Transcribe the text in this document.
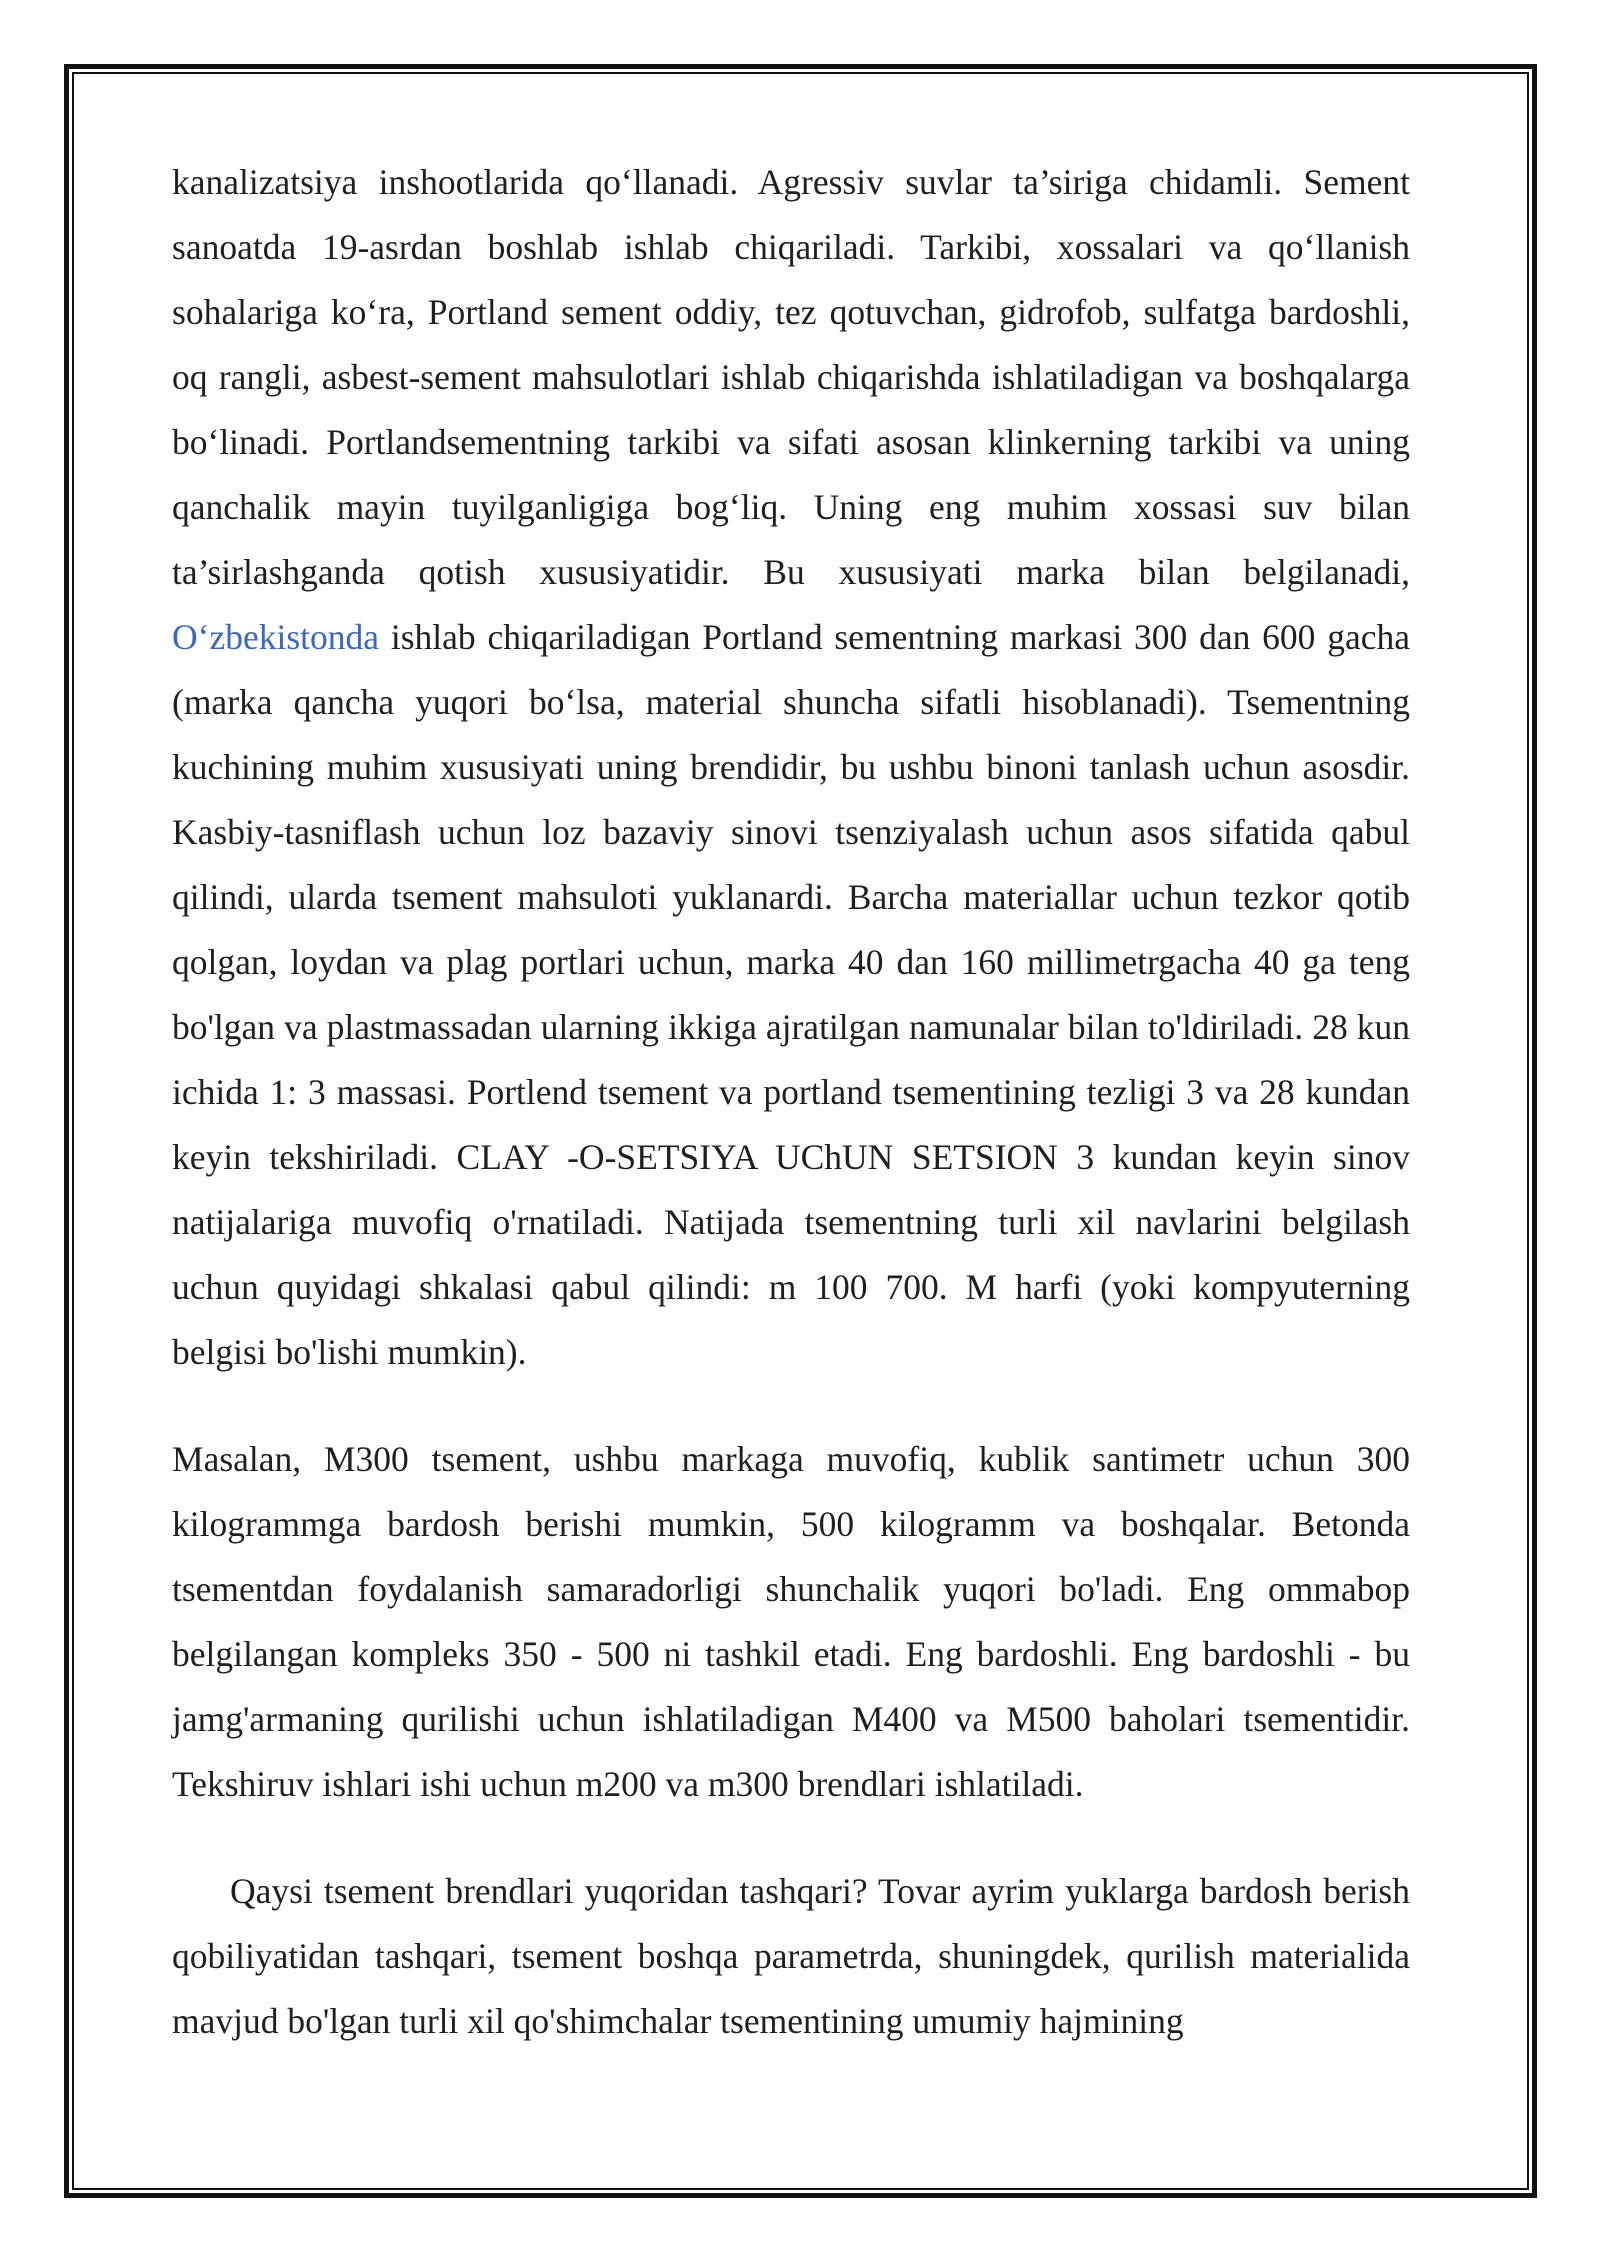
kanalizatsiya inshootlarida qo‘llanadi. Agressiv suvlar ta’siriga chidamli. Sement sanoatda 19-asrdan boshlab ishlab chiqariladi. Tarkibi, xossalari va qo‘llanish sohalariga ko‘ra, Portland sement oddiy, tez qotuvchan, gidrofob, sulfatga bardoshli, oq rangli, asbest-sement mahsulotlari ishlab chiqarishda ishlatiladigan va boshqalarga bo‘linadi. Portlandsementning tarkibi va sifati asosan klinkerning tarkibi va uning qanchalik mayin tuyilganligiga bog‘liq. Uning eng muhim xossasi suv bilan ta’sirlashganda qotish xususiyatidir. Bu xususiyati marka bilan belgilanadi, O‘zbekistonda ishlab chiqariladigan Portland sementning markasi 300 dan 600 gacha (marka qancha yuqori bo‘lsa, material shuncha sifatli hisoblanadi). Tsementning kuchining muhim xususiyati uning brendidir, bu ushbu binoni tanlash uchun asosdir. Kasbiy-tasniflash uchun loz bazaviy sinovi tsenziyalash uchun asos sifatida qabul qilindi, ularda tsement mahsuloti yuklanardi. Barcha materiallar uchun tezkor qotib qolgan, loydan va plag portlari uchun, marka 40 dan 160 millimetrgacha 40 ga teng bo'lgan va plastmassadan ularning ikkiga ajratilgan namunalar bilan to'ldiriladi. 28 kun ichida 1: 3 massasi. Portlend tsement va portland tsementining tezligi 3 va 28 kundan keyin tekshiriladi. CLAY -O-SETSIYA UChUN SETSION 3 kundan keyin sinov natijalariga muvofiq o'rnatiladi. Natijada tsementning turli xil navlarini belgilash uchun quyidagi shkalasi qabul qilindi: m 100 700. M harfi (yoki kompyuterning belgisi bo'lishi mumkin).

Masalan, M300 tsement, ushbu markaga muvofiq, kublik santimetr uchun 300 kilogrammga bardosh berishi mumkin, 500 kilogramm va boshqalar. Betonda tsementdan foydalanish samaradorligi shunchalik yuqori bo'ladi. Eng ommabop belgilangan kompleks 350 - 500 ni tashkil etadi. Eng bardoshli. Eng bardoshli - bu jamg'armaning qurilishi uchun ishlatiladigan M400 va M500 baholari tsementidir. Tekshiruv ishlari ishi uchun m200 va m300 brendlari ishlatiladi.

Qaysi tsement brendlari yuqoridan tashqari? Tovar ayrim yuklarga bardosh berish qobiliyatidan tashqari, tsement boshqa parametrda, shuningdek, qurilish materialida mavjud bo'lgan turli xil qo'shimchalar tsementining umumiy hajmining
